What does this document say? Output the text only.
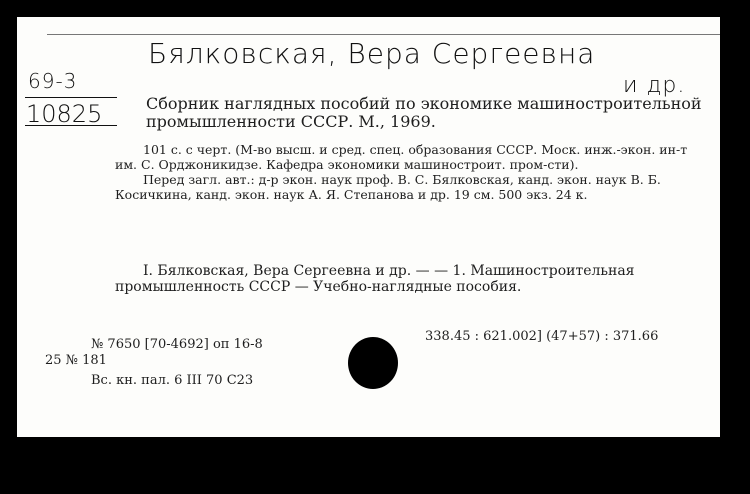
Бялковская, Вера Сергеевна
и др.
69-3
10825	Сборник наглядных пособий по экономике машиностроительной промышленности СССР. М., 1969.

101 с. с черт. (М-во высш. и сред. спец. образования СССР. Моск. инж.-экон. ин-т им. С. Орджоникидзе. Кафедра экономики машиностроит. пром-сти).

Перед загл. авт.: д-р экон. наук проф. В. С. Бялковская, канд. экон. наук В. Б. Косичкина, канд. экон. наук А. Я. Степанова и др. 19 см. 500 экз. 24 к.

I. Бялковская, Вера Сергеевна и др. — — 1. Машиностроительная промышленность СССР — Учебно-наглядные пособия.
338.45 : 621.002] (47+57) : 371.66
№ 7650 [70-4692] оп 16-8
25 № 181
Вс. кн. пал. 6 III 70 С23
